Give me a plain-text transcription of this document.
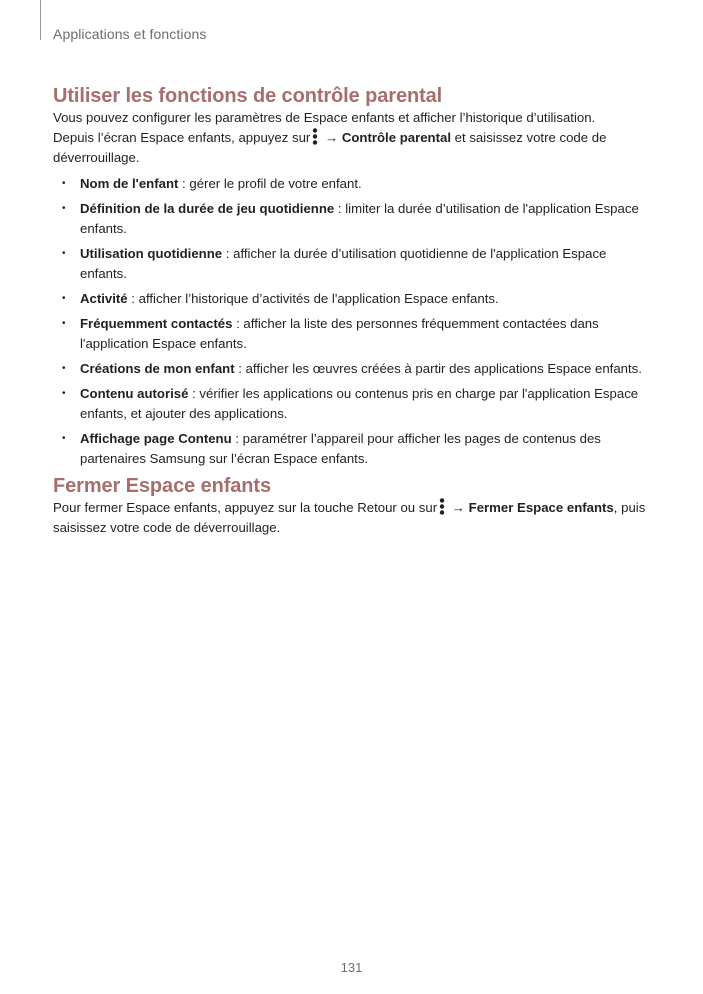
Applications et fonctions
Utiliser les fonctions de contrôle parental

Vous pouvez configurer les paramètres de Espace enfants et afficher l’historique d’utilisation.

Depuis l’écran Espace enfants, appuyez sur → Contrôle parental et saisissez votre code de déverrouillage.

• Nom de l'enfant : gérer le profil de votre enfant.
• Définition de la durée de jeu quotidienne : limiter la durée d’utilisation de l'application Espace enfants.
• Utilisation quotidienne : afficher la durée d’utilisation quotidienne de l'application Espace enfants.
• Activité : afficher l’historique d’activités de l'application Espace enfants.
• Fréquemment contactés : afficher la liste des personnes fréquemment contactées dans l'application Espace enfants.
• Créations de mon enfant : afficher les œuvres créées à partir des applications Espace enfants.
• Contenu autorisé : vérifier les applications ou contenus pris en charge par l'application Espace enfants, et ajouter des applications.
• Affichage page Contenu : paramétrer l’appareil pour afficher les pages de contenus des partenaires Samsung sur l’écran Espace enfants.
Fermer Espace enfants

Pour fermer Espace enfants, appuyez sur la touche Retour ou sur → Fermer Espace enfants, puis saisissez votre code de déverrouillage.

131
